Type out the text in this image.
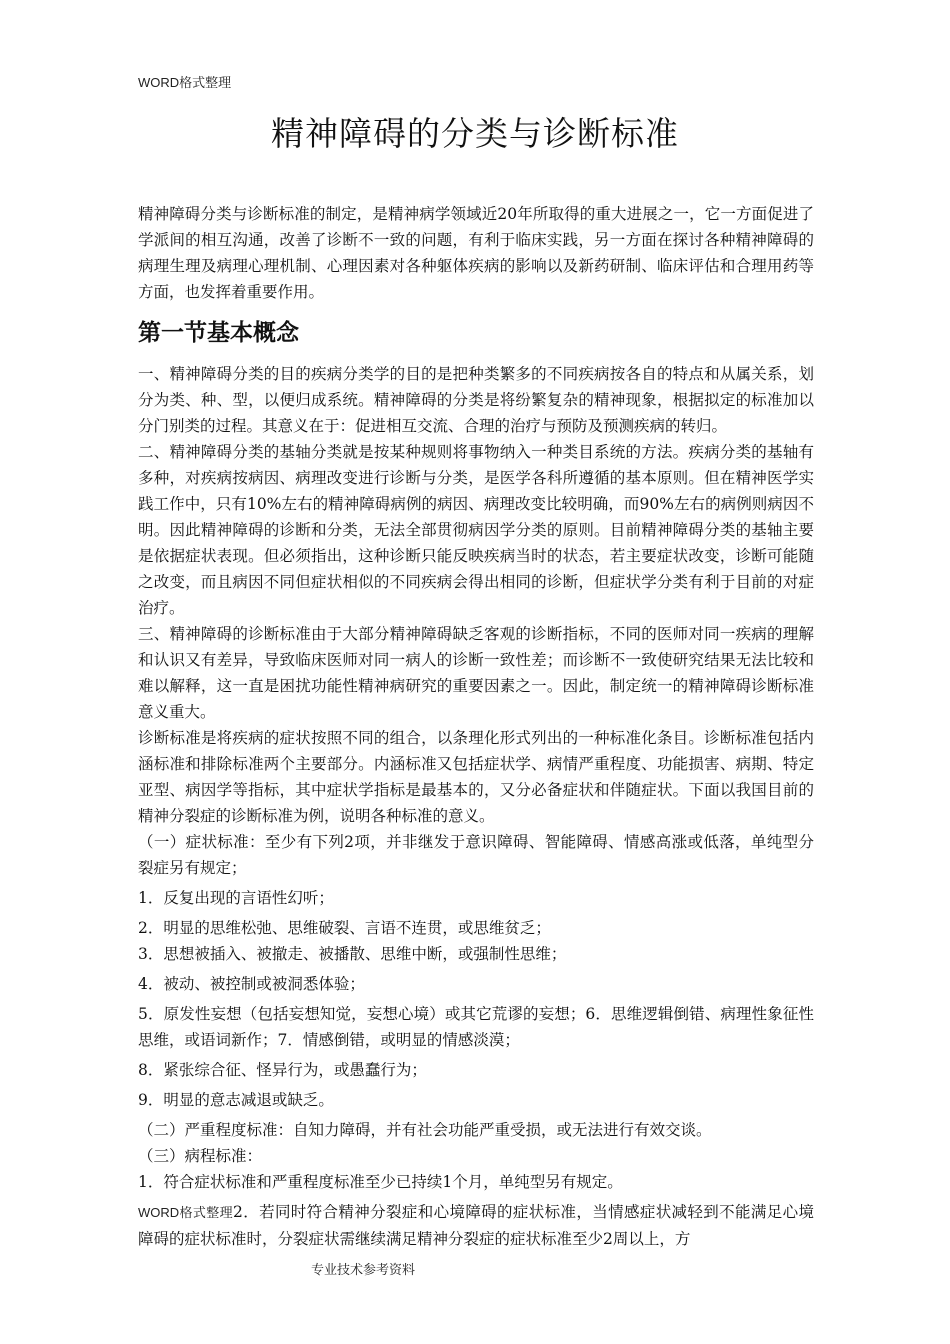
WORD格式整理
精神障碍的分类与诊断标准

精神障碍分类与诊断标准的制定，是精神病学领域近20年所取得的重大进展之一，它一方面促进了学派间的相互沟通，改善了诊断不一致的问题，有利于临床实践，另一方面在探讨各种精神障碍的病理生理及病理心理机制、心理因素对各种躯体疾病的影响以及新药研制、临床评估和合理用药等方面，也发挥着重要作用。

第一节基本概念

一、精神障碍分类的目的疾病分类学的目的是把种类繁多的不同疾病按各自的特点和从属关系，划分为类、种、型，以便归成系统。精神障碍的分类是将纷繁复杂的精神现象，根据拟定的标准加以分门别类的过程。其意义在于：促进相互交流、合理的治疗与预防及预测疾病的转归。

二、精神障碍分类的基轴分类就是按某种规则将事物纳入一种类目系统的方法。疾病分类的基轴有多种，对疾病按病因、病理改变进行诊断与分类，是医学各科所遵循的基本原则。但在精神医学实践工作中，只有10%左右的精神障碍病例的病因、病理改变比较明确，而90%左右的病例则病因不明。因此精神障碍的诊断和分类，无法全部贯彻病因学分类的原则。目前精神障碍分类的基轴主要是依据症状表现。但必须指出，这种诊断只能反映疾病当时的状态，若主要症状改变，诊断可能随之改变，而且病因不同但症状相似的不同疾病会得出相同的诊断，但症状学分类有利于目前的对症治疗。

三、精神障碍的诊断标准由于大部分精神障碍缺乏客观的诊断指标，不同的医师对同一疾病的理解和认识又有差异，导致临床医师对同一病人的诊断一致性差；而诊断不一致使研究结果无法比较和难以解释，这一直是困扰功能性精神病研究的重要因素之一。因此，制定统一的精神障碍诊断标准意义重大。

诊断标准是将疾病的症状按照不同的组合，以条理化形式列出的一种标准化条目。诊断标准包括内涵标准和排除标准两个主要部分。内涵标准又包括症状学、病情严重程度、功能损害、病期、特定亚型、病因学等指标，其中症状学指标是最基本的，又分必备症状和伴随症状。下面以我国目前的精神分裂症的诊断标准为例，说明各种标准的意义。

（一）症状标准：至少有下列2项，并非继发于意识障碍、智能障碍、情感高涨或低落，单纯型分裂症另有规定；

1．反复出现的言语性幻听；

2．明显的思维松弛、思维破裂、言语不连贯，或思维贫乏；

3．思想被插入、被撤走、被播散、思维中断，或强制性思维；

4．被动、被控制或被洞悉体验；

5．原发性妄想（包括妄想知觉，妄想心境）或其它荒谬的妄想；6．思维逻辑倒错、病理性象征性思维，或语词新作；7．情感倒错，或明显的情感淡漠；

8．紧张综合征、怪异行为，或愚蠢行为；

9．明显的意志减退或缺乏。

（二）严重程度标准：自知力障碍，并有社会功能严重受损，或无法进行有效交谈。

（三）病程标准：

1．符合症状标准和严重程度标准至少已持续1个月，单纯型另有规定。

WORD格式整理2．若同时符合精神分裂症和心境障碍的症状标准，当情感症状减轻到不能满足心境障碍的症状标准时，分裂症状需继续满足精神分裂症的症状标准至少2周以上，方

专业技术参考资料
